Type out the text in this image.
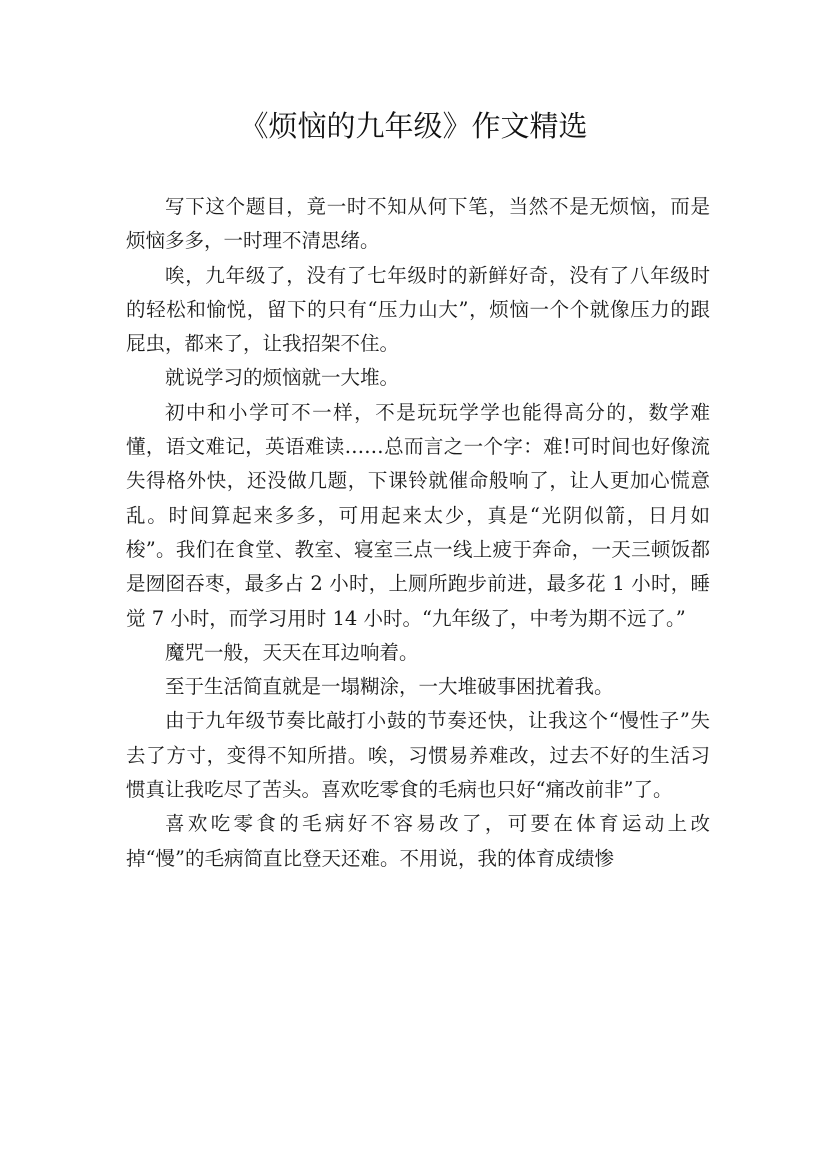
《烦恼的九年级》作文精选

写下这个题目，竟一时不知从何下笔，当然不是无烦恼，而是烦恼多多，一时理不清思绪。

唉，九年级了，没有了七年级时的新鲜好奇，没有了八年级时的轻松和愉悦，留下的只有“压力山大”，烦恼一个个就像压力的跟屁虫，都来了，让我招架不住。

就说学习的烦恼就一大堆。

初中和小学可不一样，不是玩玩学学也能得高分的，数学难懂，语文难记，英语难读……总而言之一个字：难!可时间也好像流失得格外快，还没做几题，下课铃就催命般响了，让人更加心慌意乱。时间算起来多多，可用起来太少，真是“光阴似箭，日月如梭”。我们在食堂、教室、寝室三点一线上疲于奔命，一天三顿饭都是囫囵吞枣，最多占 2 小时，上厕所跑步前进，最多花 1 小时，睡觉 7 小时，而学习用时 14 小时。“九年级了，中考为期不远了。”

魔咒一般，天天在耳边响着。

至于生活简直就是一塌糊涂，一大堆破事困扰着我。

由于九年级节奏比敲打小鼓的节奏还快，让我这个“慢性子”失去了方寸，变得不知所措。唉，习惯易养难改，过去不好的生活习惯真让我吃尽了苦头。喜欢吃零食的毛病也只好“痛改前非”了。

喜欢吃零食的毛病好不容易改了，可要在体育运动上改掉“慢”的毛病简直比登天还难。不用说，我的体育成绩惨
